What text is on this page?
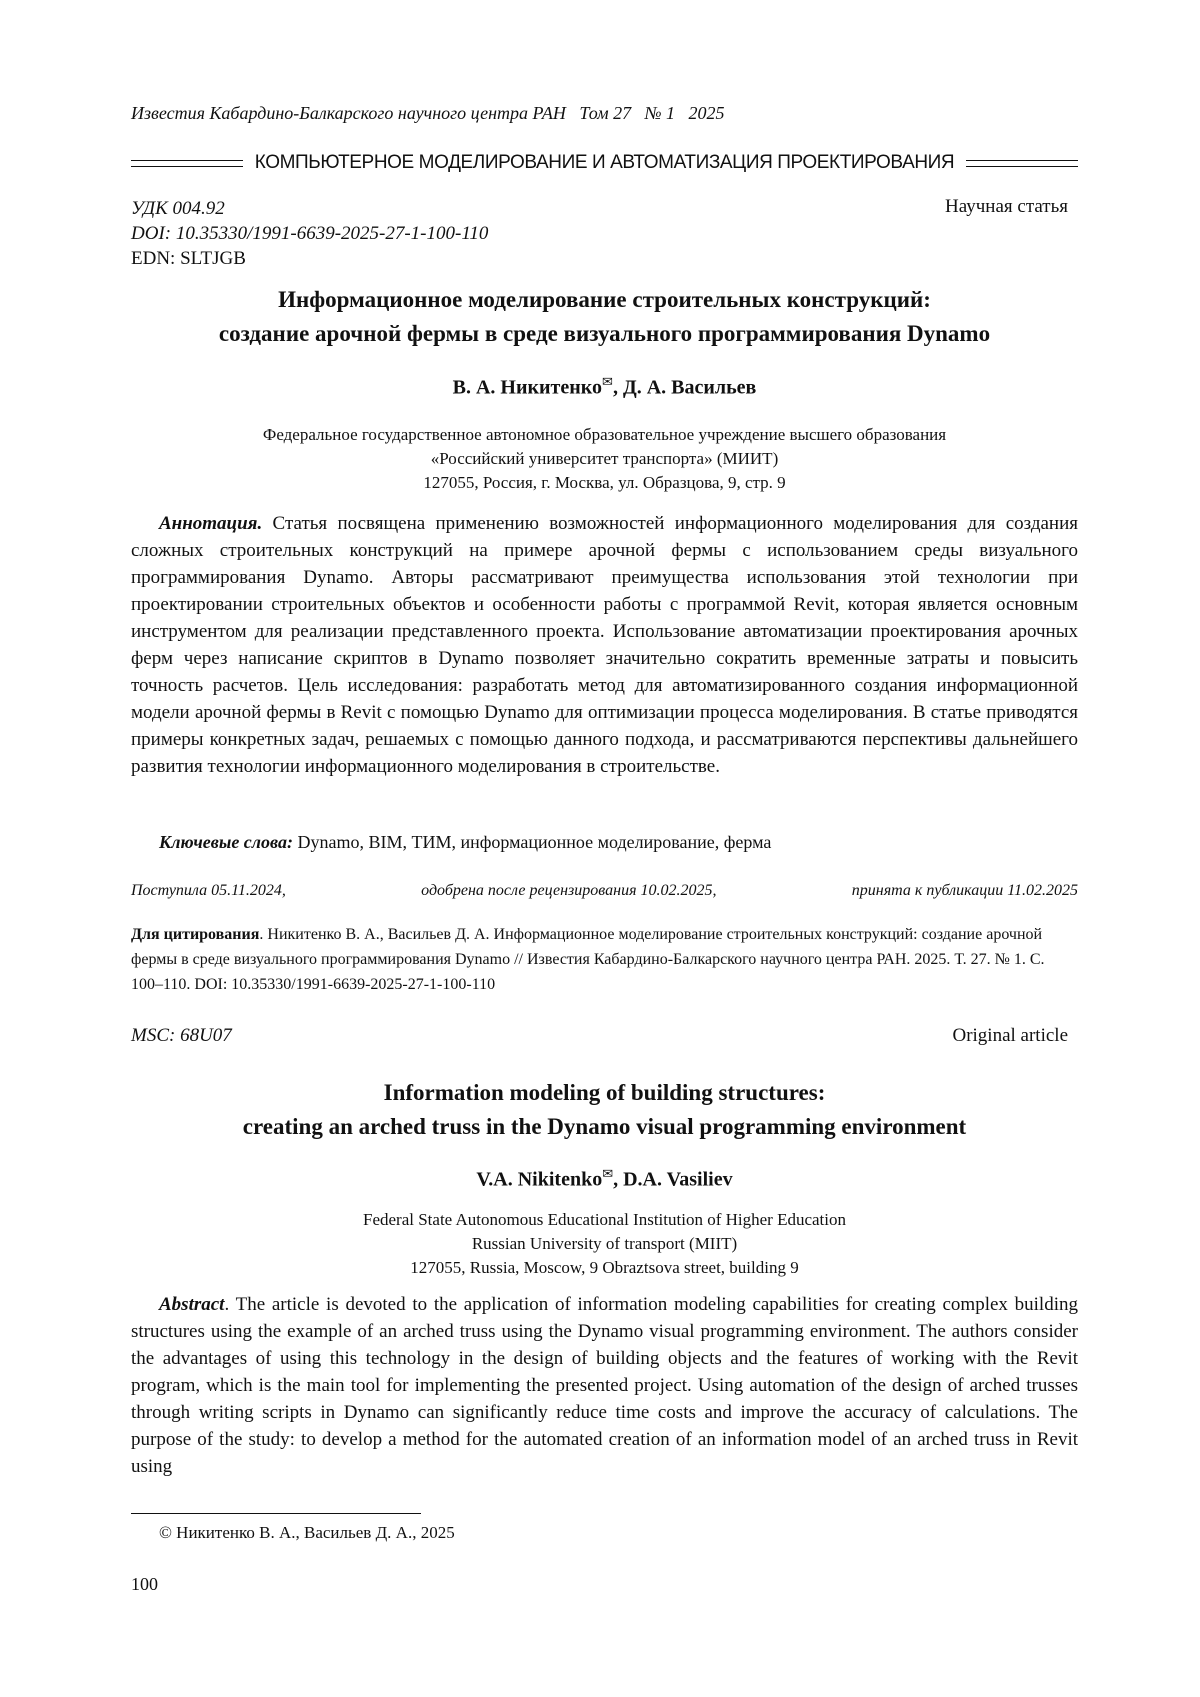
Известия Кабардино-Балкарского научного центра РАН   Том 27   № 1   2025
КОМПЬЮТЕРНОЕ МОДЕЛИРОВАНИЕ И АВТОМАТИЗАЦИЯ ПРОЕКТИРОВАНИЯ
УДК 004.92
DOI: 10.35330/1991-6639-2025-27-1-100-110
EDN: SLTJGB
Научная статья
Информационное моделирование строительных конструкций:
создание арочной фермы в среде визуального программирования Dynamo
В. А. Никитенко✉, Д. А. Васильев
Федеральное государственное автономное образовательное учреждение высшего образования
«Российский университет транспорта» (МИИТ)
127055, Россия, г. Москва, ул. Образцова, 9, стр. 9
Аннотация. Статья посвящена применению возможностей информационного моделирования для создания сложных строительных конструкций на примере арочной фермы с использованием среды визуального программирования Dynamo. Авторы рассматривают преимущества использования этой технологии при проектировании строительных объектов и особенности работы с программой Revit, которая является основным инструментом для реализации представленного проекта. Использование автоматизации проектирования арочных ферм через написание скриптов в Dynamo позволяет значительно сократить временные затраты и повысить точность расчетов. Цель исследования: разработать метод для автоматизированного создания информационной модели арочной фермы в Revit с помощью Dynamo для оптимизации процесса моделирования. В статье приводятся примеры конкретных задач, решаемых с помощью данного подхода, и рассматриваются перспективы дальнейшего развития технологии информационного моделирования в строительстве.
Ключевые слова: Dynamo, BIM, ТИМ, информационное моделирование, ферма
Поступила 05.11.2024,	одобрена после рецензирования 10.02.2025,	принята к публикации 11.02.2025
Для цитирования. Никитенко В. А., Васильев Д. А. Информационное моделирование строительных конструкций: создание арочной фермы в среде визуального программирования Dynamo // Известия Кабардино-Балкарского научного центра РАН. 2025. Т. 27. № 1. С. 100–110. DOI: 10.35330/1991-6639-2025-27-1-100-110
MSC: 68U07	Original article
Information modeling of building structures:
creating an arched truss in the Dynamo visual programming environment
V.A. Nikitenko✉, D.A. Vasiliev
Federal State Autonomous Educational Institution of Higher Education
Russian University of transport (MIIT)
127055, Russia, Moscow, 9 Obraztsova street, building 9
Abstract. The article is devoted to the application of information modeling capabilities for creating complex building structures using the example of an arched truss using the Dynamo visual programming environment. The authors consider the advantages of using this technology in the design of building objects and the features of working with the Revit program, which is the main tool for implementing the presented project. Using automation of the design of arched trusses through writing scripts in Dynamo can significantly reduce time costs and improve the accuracy of calculations. The purpose of the study: to develop a method for the automated creation of an information model of an arched truss in Revit using
© Никитенко В. А., Васильев Д. А., 2025
100
